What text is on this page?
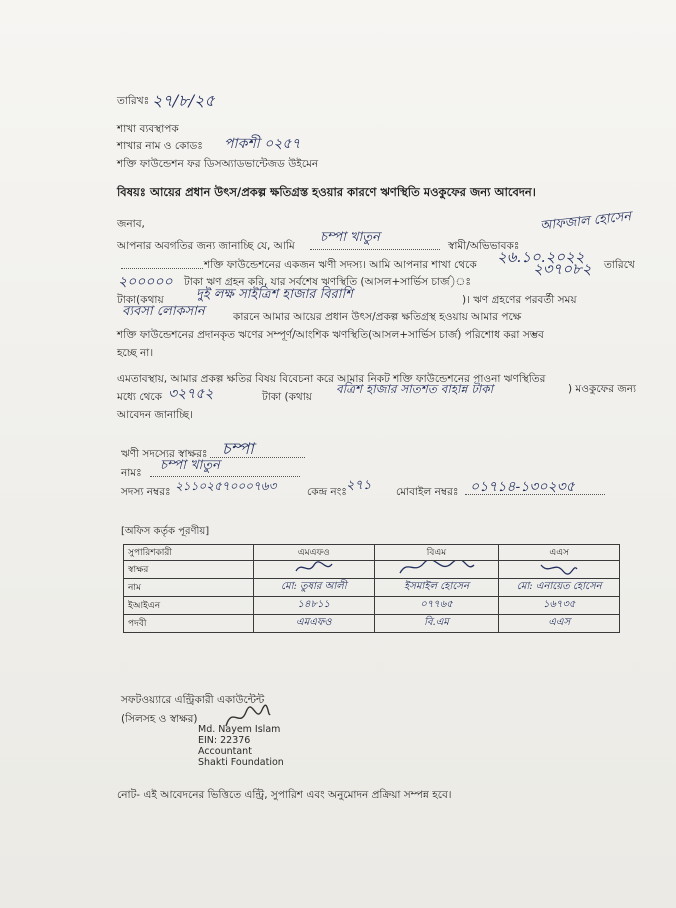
তারিখঃ ২৭/৮/২৫
শাখা ব্যবস্থাপক
শাখার নাম ও কোডঃ পাকশী ০২৫৭
শক্তি ফাউন্ডেশন ফর ডিসঅ্যাডভান্টেজড উইমেন
বিষয়ঃ আয়ের প্রধান উৎস/প্রকল্প ক্ষতিগ্রস্ত হওয়ার কারণে ঋণস্থিতি মওকুফের জন্য আবেদন।
জনাব,
আপনার অবগতির জন্য জানাচ্ছি যে, আমি
চম্পা খাতুন
স্বামী/অভিভাবকঃ
আফজাল হোসেন
শক্তি ফাউন্ডেশনের একজন ঋণী সদস্য। আমি আপনার শাখা থেকে ২৬.১০.২০২২ তারিখে
২০০০০০ টাকা ঋণ গ্রহন করি, যার সর্বশেষ ঋণস্থিতি (আসল+সার্ভিস চার্জ)ঃ
২৩৭০৮২
টাকা(কথায় দুই লক্ষ সাইত্রিশ হাজার বিরাশি	)। ঋণ গ্রহণের পরবর্তী সময়
ব্যবসা লোকসান	কারনে আমার আয়ের প্রধান উৎস/প্রকল্প ক্ষতিগ্রস্থ হওয়ায় আমার পক্ষে
শক্তি ফাউন্ডেশনের প্রদানকৃত ঋণের সম্পূর্ণ/আংশিক ঋণস্থিতি(আসল+সার্ভিস চার্জ) পরিশোধ করা সম্ভব
হচ্ছে না।
এমতাবস্থায়, আমার প্রকল্প ক্ষতির বিষয় বিবেচনা করে আমার নিকট শক্তি ফাউন্ডেশনের পাওনা ঋণস্থিতির
মধ্যে থেকে ৩২৭৫২	টাকা (কথায়
বত্রিশ হাজার সাতশত বাহান্ন টাকা	) মওকুফের জন্য
আবেদন জানাচ্ছি।
ঋণী সদস্যের স্বাক্ষরঃ চম্পা
নামঃ চম্পা খাতুন
সদস্য নম্বরঃ ২১১০২৫৭০০০৭৬৩	কেন্দ্র নংঃ ২৭১ মোবাইল নম্বরঃ ০১৭১৪-১৩০২৩৫
[অফিস কর্তৃক পূরণীয়]
সুপারিশকারী	এমএফও	বিএম	এএস
স্বাক্ষর			
নাম	মো: তুষার আলী	ইসমাইল হোসেন	মো: এনায়েত হোসেন
ইআইএন	১৪৮১১	০৭৭৬৫	১৬৭৩৫
পদবী	এমএফও	বি.এম	এএস
সফটওয়্যারে এন্ট্রিকারী একাউন্টেন্ট
(সিলসহ ও স্বাক্ষর)
Md. Nayem Islam
EIN: 22376
Accountant
Shakti Foundation
নোট- এই আবেদনের ভিত্তিতে এন্ট্রি, সুপারিশ এবং অনুমোদন প্রক্রিয়া সম্পন্ন হবে।
